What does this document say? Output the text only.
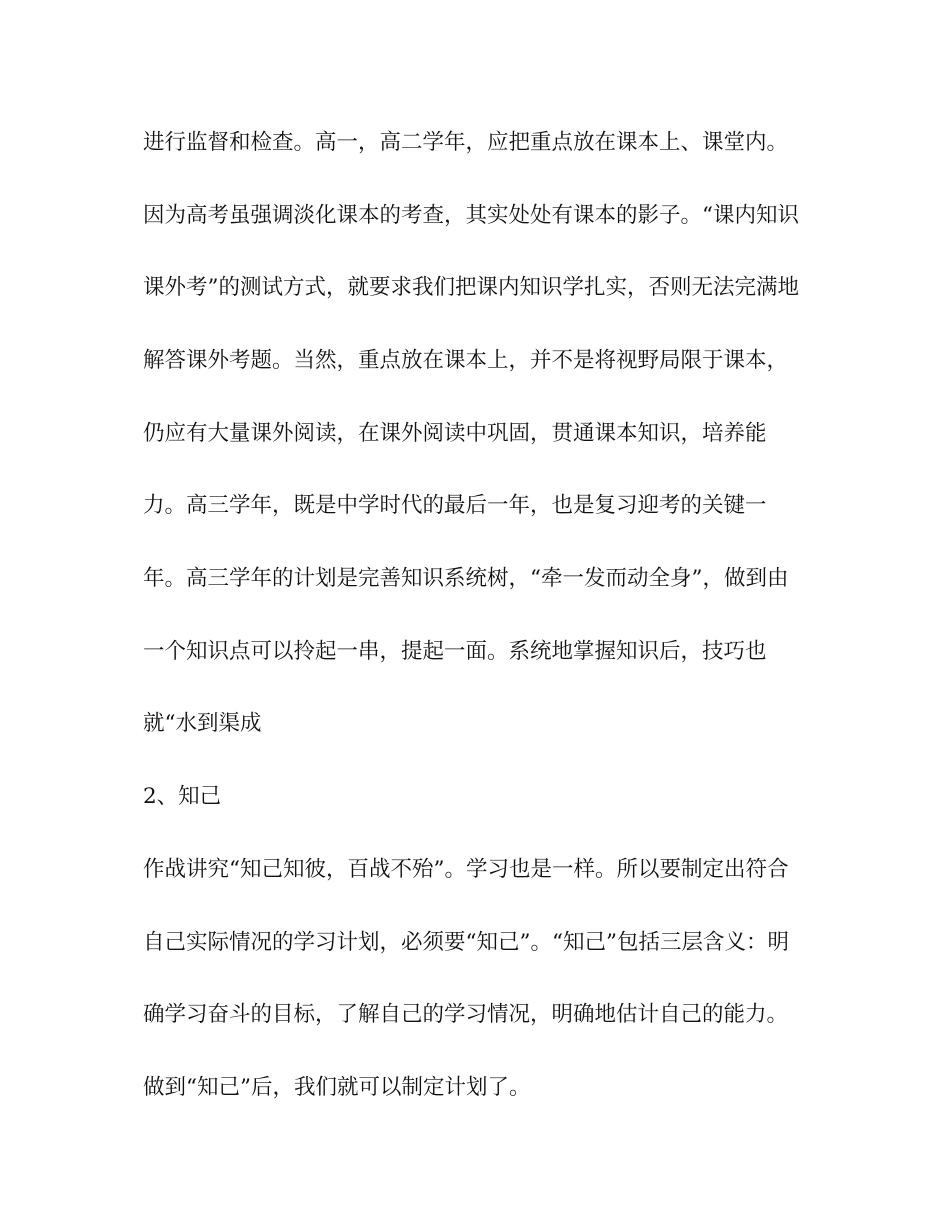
进行监督和检查。高一，高二学年，应把重点放在课本上、课堂内。
因为高考虽强调淡化课本的考查，其实处处有课本的影子。“课内知识
课外考”的测试方式，就要求我们把课内知识学扎实，否则无法完满地
解答课外考题。当然，重点放在课本上，并不是将视野局限于课本，
仍应有大量课外阅读，在课外阅读中巩固，贯通课本知识，培养能
力。高三学年，既是中学时代的最后一年，也是复习迎考的关键一
年。高三学年的计划是完善知识系统树，“牵一发而动全身”，做到由
一个知识点可以拎起一串，提起一面。系统地掌握知识后，技巧也
就“水到渠成
2、知己
作战讲究“知己知彼，百战不殆”。学习也是一样。所以要制定出符合
自己实际情况的学习计划，必须要“知己”。“知己”包括三层含义：明
确学习奋斗的目标，了解自己的学习情况，明确地估计自己的能力。
做到“知己”后，我们就可以制定计划了。
